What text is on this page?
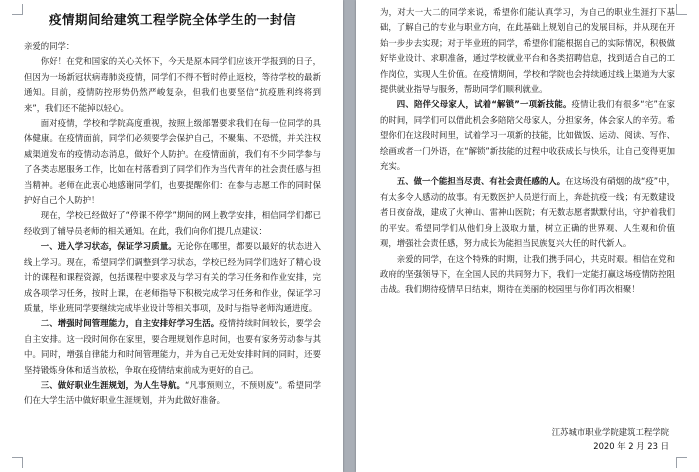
疫情期间给建筑工程学院全体学生的一封信
亲爱的同学：

你好！在党和国家的关心关怀下，今天是原本同学们应该开学报到的日子，但因为一场新冠状病毒肺炎疫情，同学们不得不暂时停止返校，等待学校的最新通知。目前，疫情防控形势仍然严峻复杂，但我们也要坚信“抗疫胜利终将到来”，我们还不能掉以轻心。

面对疫情，学校和学院高度重视，按照上级部署要求我们在每一位同学的具体健康。在疫情面前，同学们必须要学会保护自己，不聚集、不恐慌，并关注权威渠道发布的疫情动态消息，做好个人防护。在疫情面前，我们有不少同学参与了各类志愿服务工作，比如在村落看到了同学们作为当代青年的社会责任感与担当精神。老师在此衷心地感谢同学们，也要提醒你们：在参与志愿工作的同时保护好自己个人防护！

现在，学校已经做好了“停课不停学”期间的网上教学安排，相信同学们都已经收到了辅导员老师的相关通知。在此，我们向你们提几点建议：

一、进入学习状态，保证学习质量。无论你在哪里，都要以最好的状态进入线上学习。现在，希望同学们调整到学习状态，学校已经为同学们选好了精心设计的课程和课程资源，包括课程中要求及与学习有关的学习任务和作业安排，完成各项学习任务，按时上课，在老师指导下积极完成学习任务和作业，保证学习质量，毕业班同学要继续完成毕业设计等相关事项，及时与指导老师沟通进度。

二、增强时间管理能力，自主安排好学习生活。疫情持续时间较长，要学会自主安排。这一段时间你在家里，要合理规划作息时间，也要有家务劳动参与其中。同时，增强自律能力和时间管理能力，并为自己无处安排时间的同时，还要坚持锻炼身体和适当放松，争取在疫情结束前成为更好的自己。

三、做好职业生涯规划，为人生导航。“凡事预则立，不预则废”。希望同学们在大学生活中做好职业生涯规划，并为此做好准备。

为，对大一大二的同学来说，希望你们能认真学习，为自己的职业生涯打下基础，了解自己的专业与职业方向，在此基础上规划自己的发展目标，并从现在开始一步步去实现；对于毕业班的同学，希望你们能根据自己的实际情况，积极做好毕业设计、求职准备，通过学校就业平台和各类招聘信息，找到适合自己的工作岗位，实现人生价值。在疫情期间，学校和学院也会持续通过线上渠道为大家提供就业指导与服务，帮助同学们顺利就业。

四、陪伴父母家人，试着“解锁”一项新技能。疫情让我们有很多“宅”在家的时间，同学们可以借此机会多陪陪父母家人，分担家务，体会家人的辛劳。希望你们在这段时间里，试着学习一项新的技能，比如做饭、运动、阅读、写作、绘画或者一门外语，在“解锁”新技能的过程中收获成长与快乐，让自己变得更加充实。

五、做一个能担当尽责、有社会责任感的人。在这场没有硝烟的战“疫”中，有太多令人感动的故事。有无数医护人员逆行而上，奔赴抗疫一线；有无数建设者日夜奋战，建成了火神山、雷神山医院；有无数志愿者默默付出，守护着我们的平安。希望同学们从他们身上汲取力量，树立正确的世界观、人生观和价值观，增强社会责任感，努力成长为能担当民族复兴大任的时代新人。

亲爱的同学，在这个特殊的时期，让我们携手同心，共克时艰。相信在党和政府的坚强领导下，在全国人民的共同努力下，我们一定能打赢这场疫情防控阻击战。我们期待疫情早日结束，期待在美丽的校园里与你们再次相聚！

江苏城市职业学院建筑工程学院
2020 年 2 月 23 日
